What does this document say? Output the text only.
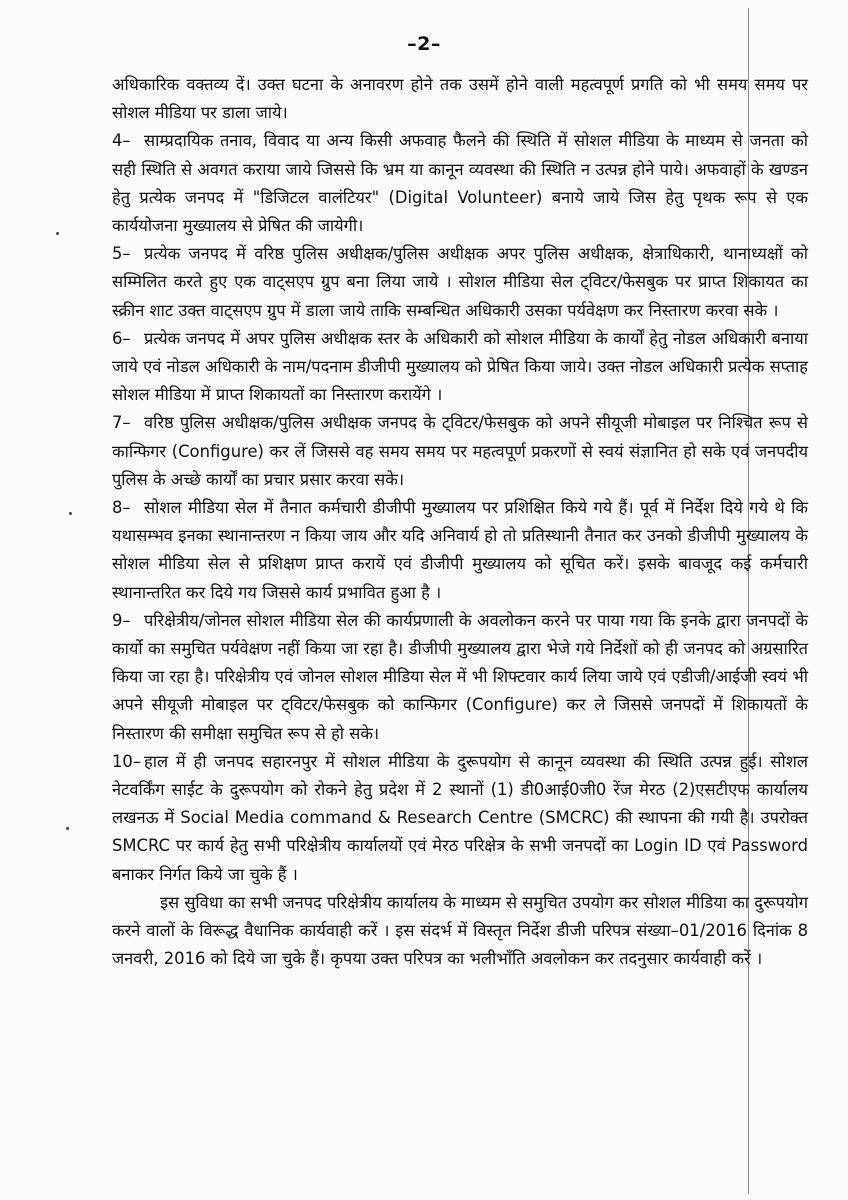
–2–

अधिकारिक वक्तव्य दें। उक्त घटना के अनावरण होने तक उसमें होने वाली महत्वपूर्ण प्रगति को भी समय समय पर सोशल मीडिया पर डाला जाये।

4– साम्प्रदायिक तनाव, विवाद या अन्य किसी अफवाह फैलने की स्थिति में सोशल मीडिया के माध्यम से जनता को सही स्थिति से अवगत कराया जाये जिससे कि भ्रम या कानून व्यवस्था की स्थिति न उत्पन्न होने पाये। अफवाहों के खण्डन हेतु प्रत्येक जनपद में "डिजिटल वालंटियर" (Digital Volunteer) बनाये जाये जिस हेतु पृथक रूप से एक कार्ययोजना मुख्यालय से प्रेषित की जायेगी।

5– प्रत्येक जनपद में वरिष्ठ पुलिस अधीक्षक/पुलिस अधीक्षक अपर पुलिस अधीक्षक, क्षेत्राधिकारी, थानाध्यक्षों को सम्मिलित करते हुए एक वाट्सएप ग्रुप बना लिया जाये । सोशल मीडिया सेल ट्विटर/फेसबुक पर प्राप्त शिकायत का स्क्रीन शाट उक्त वाट्सएप ग्रुप में डाला जाये ताकि सम्बन्धित अधिकारी उसका पर्यवेक्षण कर निस्तारण करवा सके ।

6– प्रत्येक जनपद में अपर पुलिस अधीक्षक स्तर के अधिकारी को सोशल मीडिया के कार्यों हेतु नोडल अधिकारी बनाया जाये एवं नोडल अधिकारी के नाम/पदनाम डीजीपी मुख्यालय को प्रेषित किया जाये। उक्त नोडल अधिकारी प्रत्येक सप्ताह सोशल मीडिया में प्राप्त शिकायतों का निस्तारण करायेंगे ।

7– वरिष्ठ पुलिस अधीक्षक/पुलिस अधीक्षक जनपद के ट्विटर/फेसबुक को अपने सीयूजी मोबाइल पर निश्चित रूप से कान्फिगर (Configure) कर लें जिससे वह समय समय पर महत्वपूर्ण प्रकरणों से स्वयं संज्ञानित हो सके एवं जनपदीय पुलिस के अच्छे कार्यों का प्रचार प्रसार करवा सके।

8– सोशल मीडिया सेल में तैनात कर्मचारी डीजीपी मुख्यालय पर प्रशिक्षित किये गये हैं। पूर्व में निर्देश दिये गये थे कि यथासम्भव इनका स्थानान्तरण न किया जाय और यदि अनिवार्य हो तो प्रतिस्थानी तैनात कर उनको डीजीपी मुख्यालय के सोशल मीडिया सेल से प्रशिक्षण प्राप्त करायें एवं डीजीपी मुख्यालय को सूचित करें। इसके बावजूद कई कर्मचारी स्थानान्तरित कर दिये गय जिससे कार्य प्रभावित हुआ है ।

9– परिक्षेत्रीय/जोनल सोशल मीडिया सेल की कार्यप्रणाली के अवलोकन करने पर पाया गया कि इनके द्वारा जनपदों के कार्यो का समुचित पर्यवेक्षण नहीं किया जा रहा है। डीजीपी मुख्यालय द्वारा भेजे गये निर्देशों को ही जनपद को अग्रसारित किया जा रहा है। परिक्षेत्रीय एवं जोनल सोशल मीडिया सेल में भी शिफ्टवार कार्य लिया जाये एवं एडीजी/आईजी स्वयं भी अपने सीयूजी मोबाइल पर ट्विटर/फेसबुक को कान्फिगर (Configure) कर ले जिससे जनपदों में शिकायतों के निस्तारण की समीक्षा समुचित रूप से हो सके।

10– हाल में ही जनपद सहारनपुर में सोशल मीडिया के दुरूपयोग से कानून व्यवस्था की स्थिति उत्पन्न हुई। सोशल नेटवर्किंग साईट के दुरूपयोग को रोकने हेतु प्रदेश में 2 स्थानों (1) डी0आई0जी0 रेंज मेरठ (2)एसटीएफ कार्यालय लखनऊ में Social Media command & Research Centre (SMCRC) की स्थापना की गयी है। उपरोक्त SMCRC पर कार्य हेतु सभी परिक्षेत्रीय कार्यालयों एवं मेरठ परिक्षेत्र के सभी जनपदों का Login ID एवं Password बनाकर निर्गत किये जा चुके हैं ।

इस सुविधा का सभी जनपद परिक्षेत्रीय कार्यालय के माध्यम से समुचित उपयोग कर सोशल मीडिया का दुरूपयोग करने वालों के विरूद्ध वैधानिक कार्यवाही करें । इस संदर्भ में विस्तृत निर्देश डीजी परिपत्र संख्या–01/2016 दिनांक 8 जनवरी, 2016 को दिये जा चुके हैं। कृपया उक्त परिपत्र का भलीभाँति अवलोकन कर तदनुसार कार्यवाही करें ।
